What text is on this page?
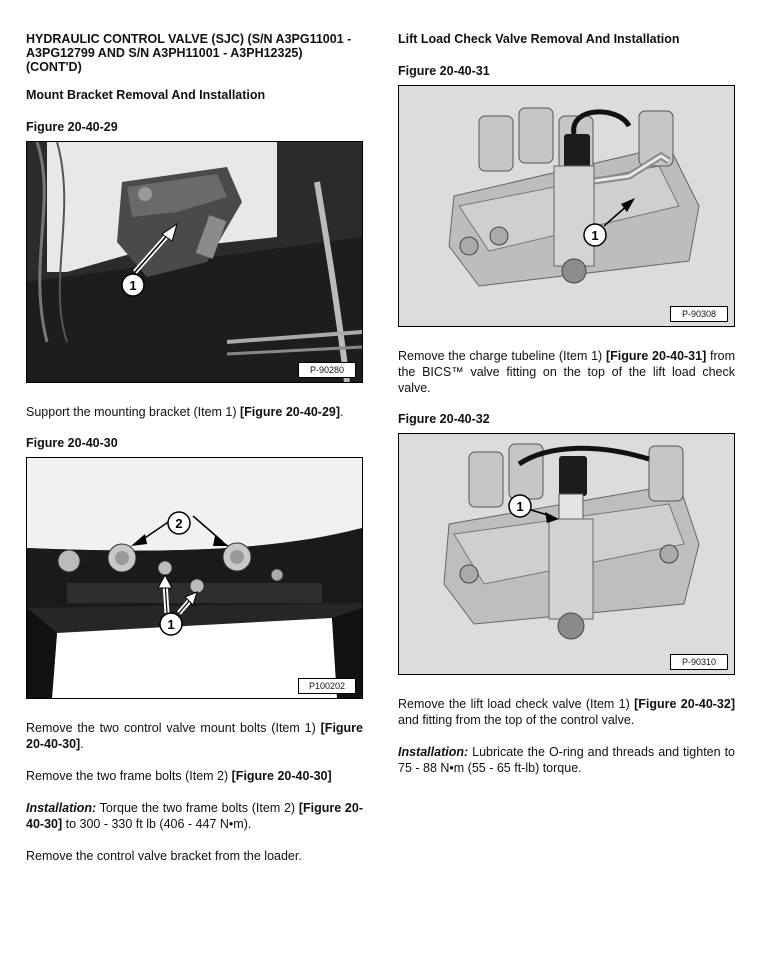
HYDRAULIC CONTROL VALVE (SJC) (S/N A3PG11001 - A3PG12799 AND S/N A3PH11001 - A3PH12325) (CONT'D)

Mount Bracket Removal And Installation

Figure 20-40-29

1
P-90280

Support the mounting bracket (Item 1) [Figure 20-40-29].

Figure 20-40-30

2
1
P100202

Remove the two control valve mount bolts (Item 1) [Figure 20-40-30].

Remove the two frame bolts (Item 2) [Figure 20-40-30]

Installation: Torque the two frame bolts (Item 2) [Figure 20-40-30] to 300 - 330 ft lb (406 - 447 N•m).

Remove the control valve bracket from the loader.

Lift Load Check Valve Removal And Installation

Figure 20-40-31

1
P-90308

Remove the charge tubeline (Item 1) [Figure 20-40-31] from the BICS™ valve fitting on the top of the lift load check valve.

Figure 20-40-32

1
P-90310

Remove the lift load check valve (Item 1) [Figure 20-40-32] and fitting from the top of the control valve.

Installation: Lubricate the O-ring and threads and tighten to 75 - 88 N•m (55 - 65 ft-lb) torque.
